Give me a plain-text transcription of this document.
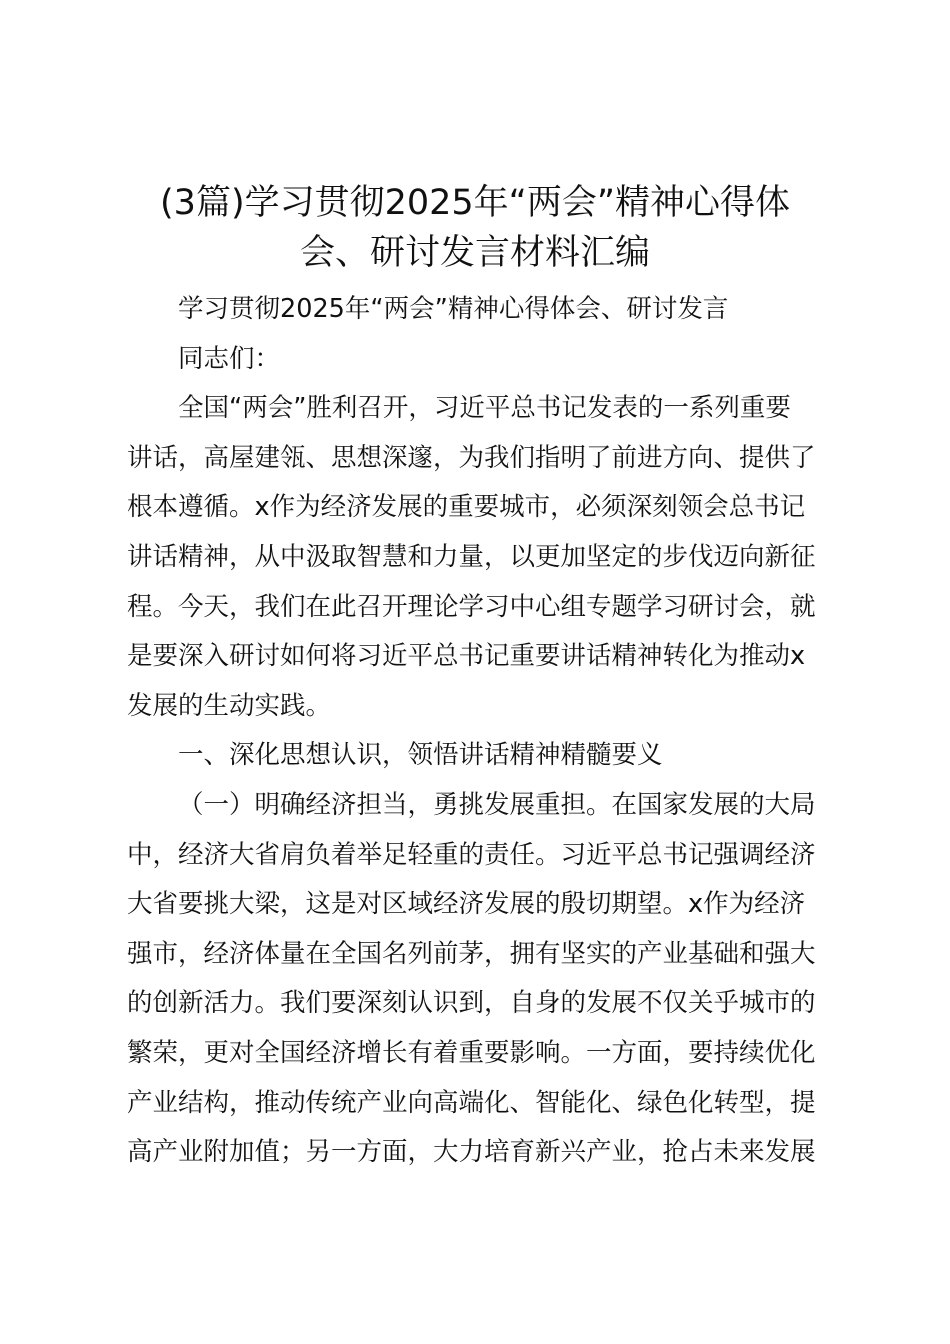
(3篇)学习贯彻2025年“两会”精神心得体
会、研讨发言材料汇编
学习贯彻2025年“两会”精神心得体会、研讨发言
同志们：
全国“两会”胜利召开，习近平总书记发表的一系列重要
讲话，高屋建瓴、思想深邃，为我们指明了前进方向、提供了
根本遵循。x作为经济发展的重要城市，必须深刻领会总书记
讲话精神，从中汲取智慧和力量，以更加坚定的步伐迈向新征
程。今天，我们在此召开理论学习中心组专题学习研讨会，就
是要深入研讨如何将习近平总书记重要讲话精神转化为推动x
发展的生动实践。
一、深化思想认识，领悟讲话精神精髓要义
（一）明确经济担当，勇挑发展重担。在国家发展的大局
中，经济大省肩负着举足轻重的责任。习近平总书记强调经济
大省要挑大梁，这是对区域经济发展的殷切期望。x作为经济
强市，经济体量在全国名列前茅，拥有坚实的产业基础和强大
的创新活力。我们要深刻认识到，自身的发展不仅关乎城市的
繁荣，更对全国经济增长有着重要影响。一方面，要持续优化
产业结构，推动传统产业向高端化、智能化、绿色化转型，提
高产业附加值；另一方面，大力培育新兴产业，抢占未来发展
